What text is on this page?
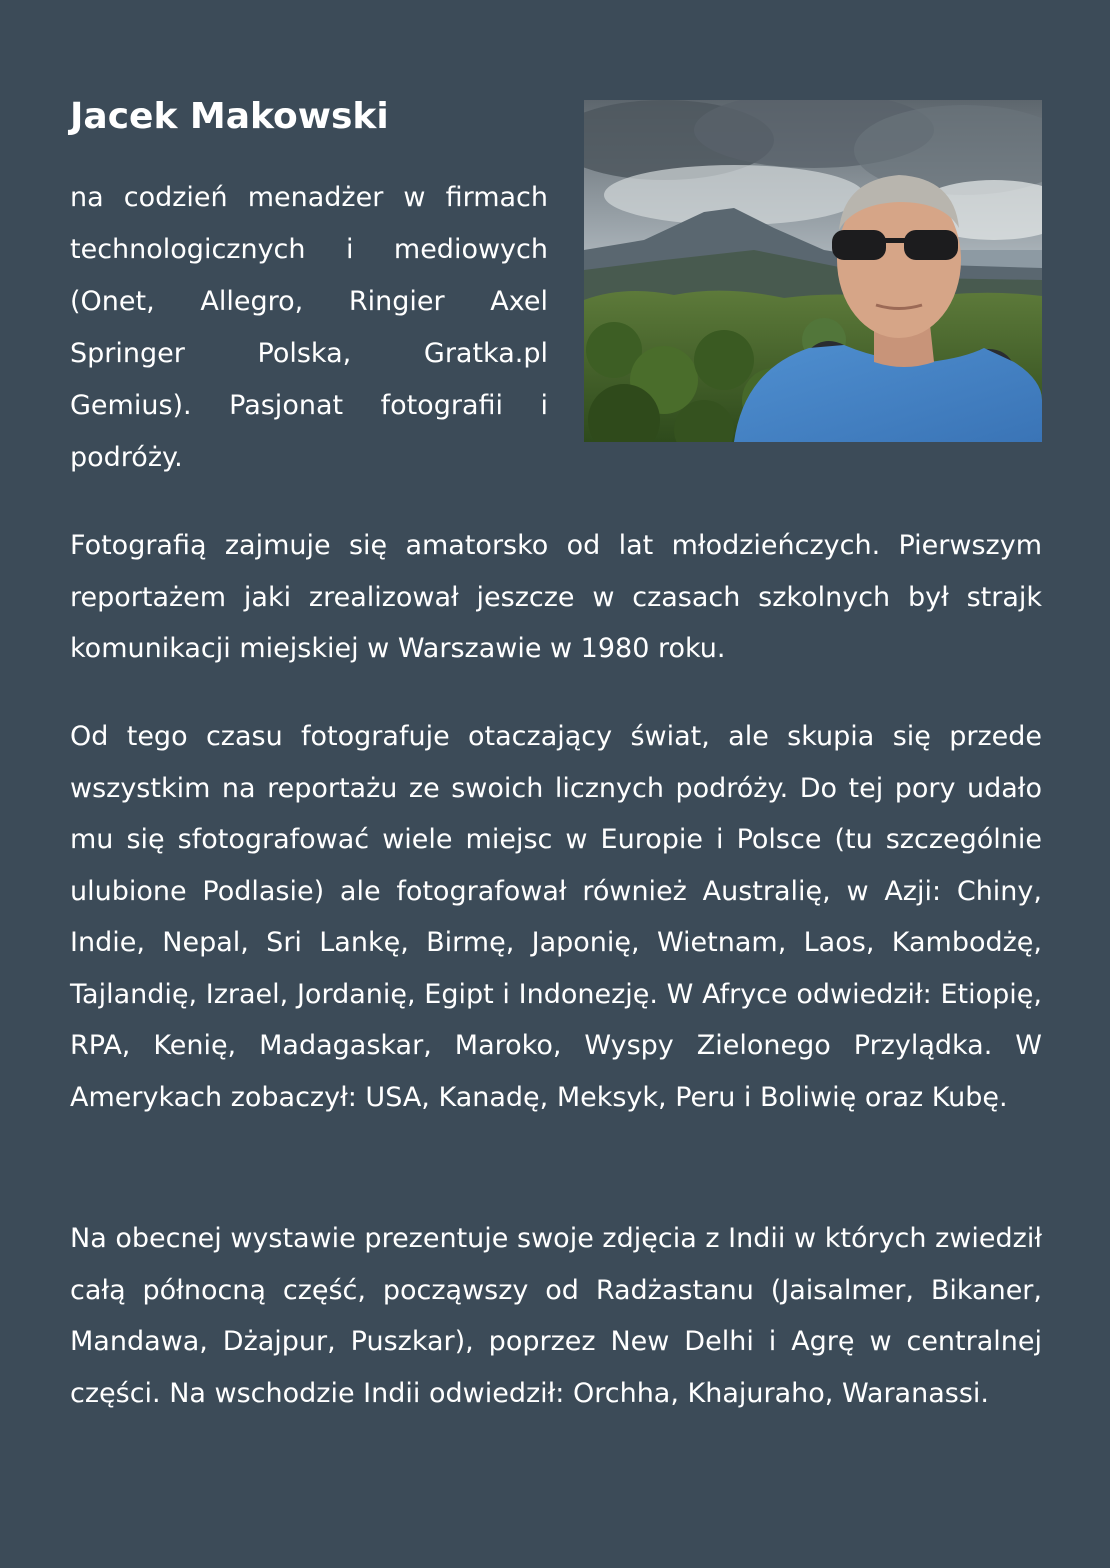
Jacek Makowski

na codzień menadżer w firmach technologicznych i mediowych (Onet, Allegro, Ringier Axel Springer Polska, Gratka.pl Gemius). Pasjonat fotografii i podróży.

Fotografią zajmuje się amatorsko od lat młodzieńczych. Pierwszym reportażem jaki zrealizował jeszcze w czasach szkolnych był strajk komunikacji miejskiej w Warszawie w 1980 roku.

Od tego czasu fotografuje otaczający świat, ale skupia się przede wszystkim na reportażu ze swoich licznych podróży. Do tej pory udało mu się sfotografować wiele miejsc w Europie i Polsce (tu szczególnie ulubione Podlasie) ale fotografował również Australię, w Azji: Chiny, Indie, Nepal, Sri Lankę, Birmę, Japonię, Wietnam, Laos, Kambodżę, Tajlandię, Izrael, Jordanię, Egipt i Indonezję. W Afryce odwiedził: Etiopię, RPA, Kenię, Madagaskar, Maroko, Wyspy Zielonego Przylądka. W Amerykach zobaczył: USA, Kanadę, Meksyk, Peru i Boliwię oraz Kubę.

Na obecnej wystawie prezentuje swoje zdjęcia z Indii w których zwiedził całą północną część, począwszy od Radżastanu (Jaisalmer, Bikaner, Mandawa, Dżajpur, Puszkar), poprzez New Delhi i Agrę w centralnej części. Na wschodzie Indii odwiedził: Orchha, Khajuraho, Waranassi.
